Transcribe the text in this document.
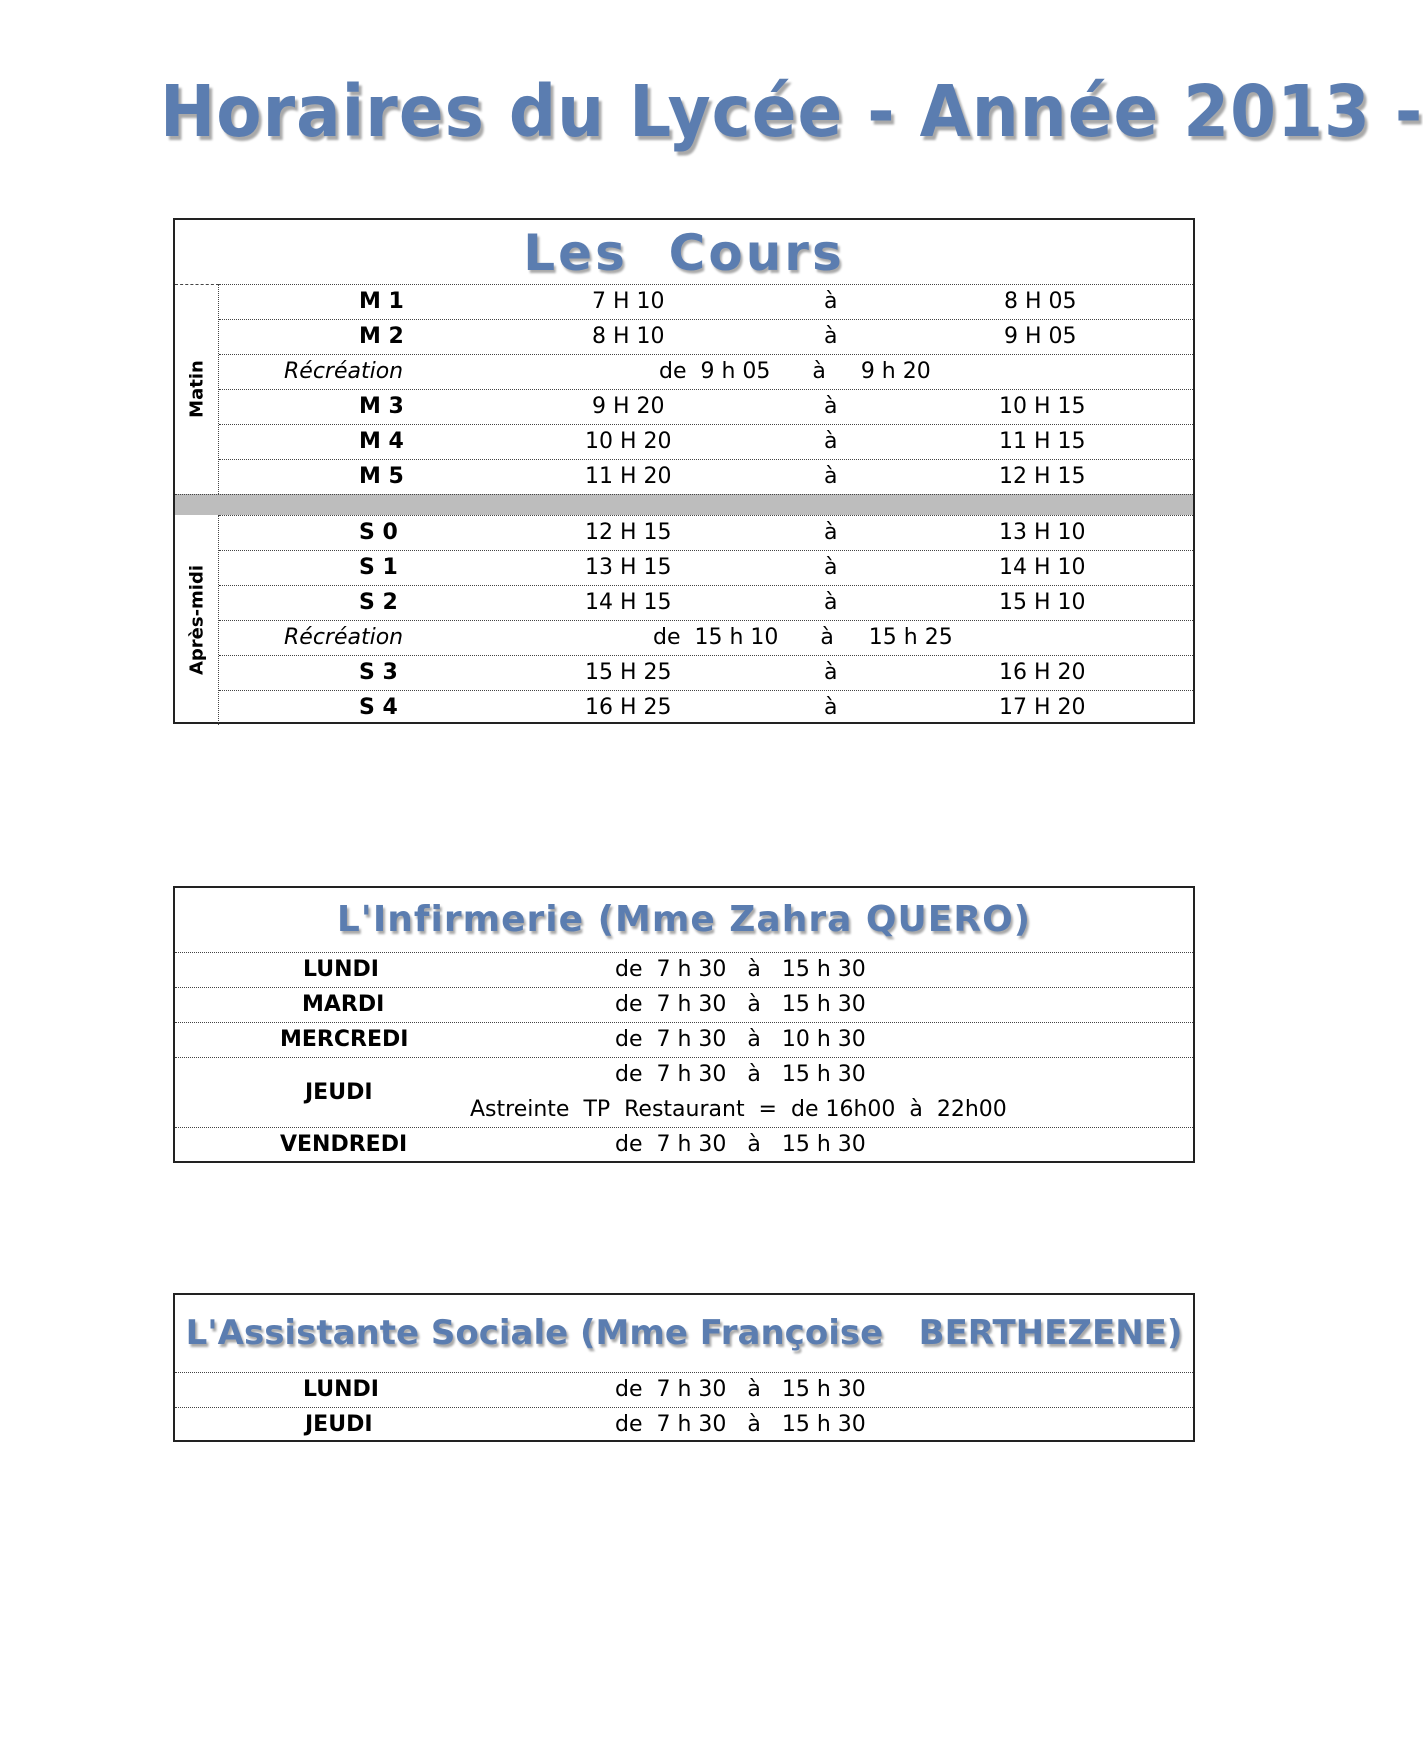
Horaires du Lycée - Année 2013 -
Les  Cours
Matin
M 1	7 H 10	à	8 H 05
M 2	8 H 10	à	9 H 05
Récréation	de  9 h 05      à     9 h 20
M 3	9 H 20	à	10 H 15
M 4	10 H 20	à	11 H 15
M 5	11 H 20	à	12 H 15
Après-midi
S 0	12 H 15	à	13 H 10
S 1	13 H 15	à	14 H 10
S 2	14 H 15	à	15 H 10
Récréation	de  15 h 10      à     15 h 25
S 3	15 H 25	à	16 H 20
S 4	16 H 25	à	17 H 20
L'Infirmerie (Mme Zahra QUERO)
LUNDI	de  7 h 30   à   15 h 30
MARDI	de  7 h 30   à   15 h 30
MERCREDI	de  7 h 30   à   10 h 30
JEUDI
de  7 h 30   à   15 h 30
Astreinte  TP  Restaurant  =  de 16h00  à  22h00
VENDREDI	de  7 h 30   à   15 h 30
L'Assistante Sociale (Mme Françoise   BERTHEZENE)
LUNDI	de  7 h 30   à   15 h 30
JEUDI	de  7 h 30   à   15 h 30
